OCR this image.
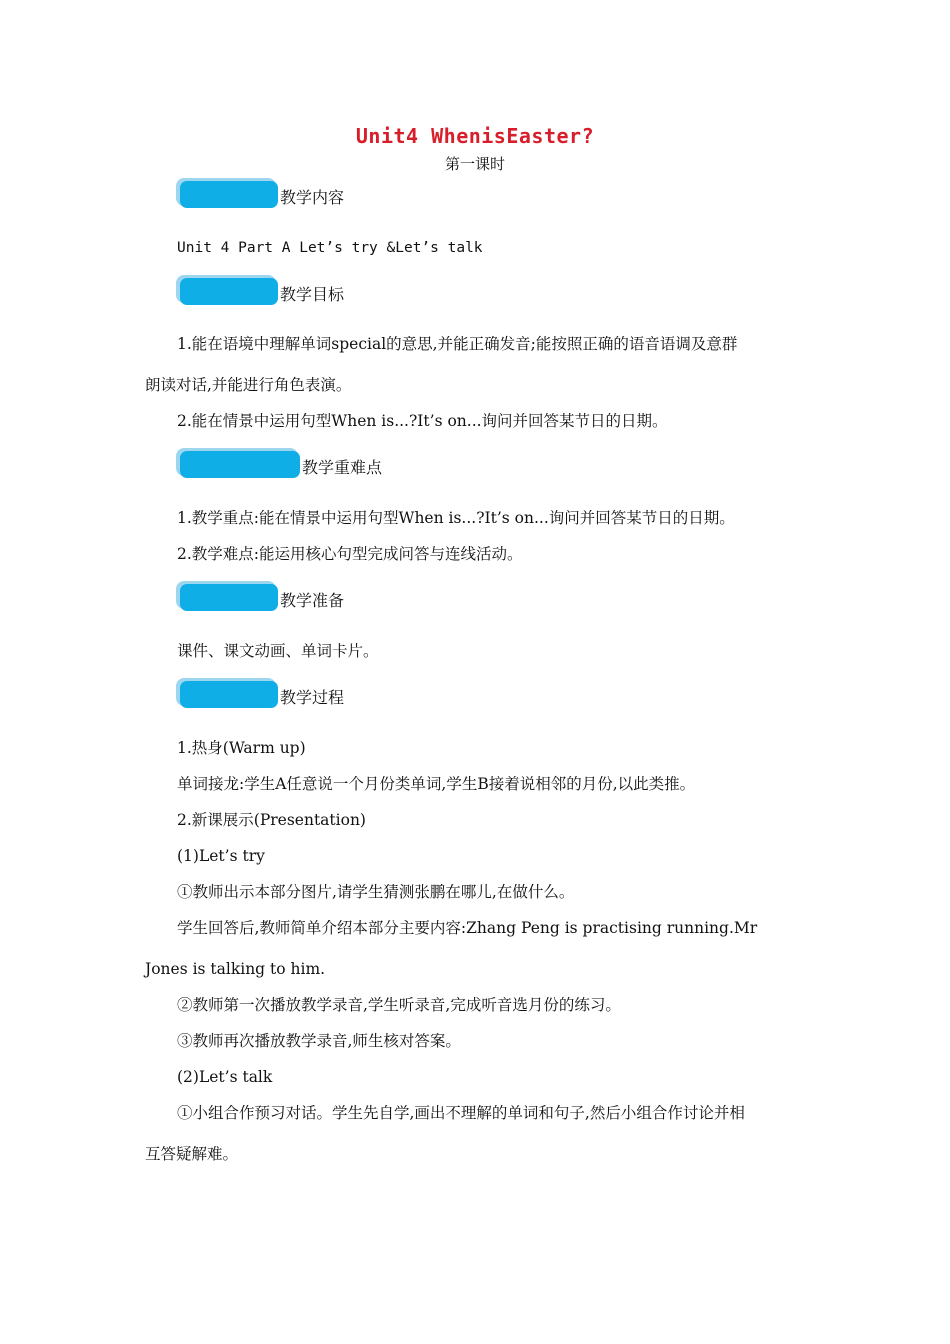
Unit4 WhenisEaster?
第一课时
教学内容
Unit 4 Part A Let’s try &Let’s talk
教学目标
1.能在语境中理解单词special的意思,并能正确发音;能按照正确的语音语调及意群
朗读对话,并能进行角色表演。
2.能在情景中运用句型When is...?It’s on...询问并回答某节日的日期。
教学重难点
1.教学重点:能在情景中运用句型When is...?It’s on...询问并回答某节日的日期。
2.教学难点:能运用核心句型完成问答与连线活动。
教学准备
课件、课文动画、单词卡片。
教学过程
1.热身(Warm up)
单词接龙:学生A任意说一个月份类单词,学生B接着说相邻的月份,以此类推。
2.新课展示(Presentation)
(1)Let’s try
①教师出示本部分图片,请学生猜测张鹏在哪儿,在做什么。
学生回答后,教师简单介绍本部分主要内容:Zhang Peng is practising running.Mr
Jones is talking to him.
②教师第一次播放教学录音,学生听录音,完成听音选月份的练习。
③教师再次播放教学录音,师生核对答案。
(2)Let’s talk
①小组合作预习对话。学生先自学,画出不理解的单词和句子,然后小组合作讨论并相
互答疑解难。
